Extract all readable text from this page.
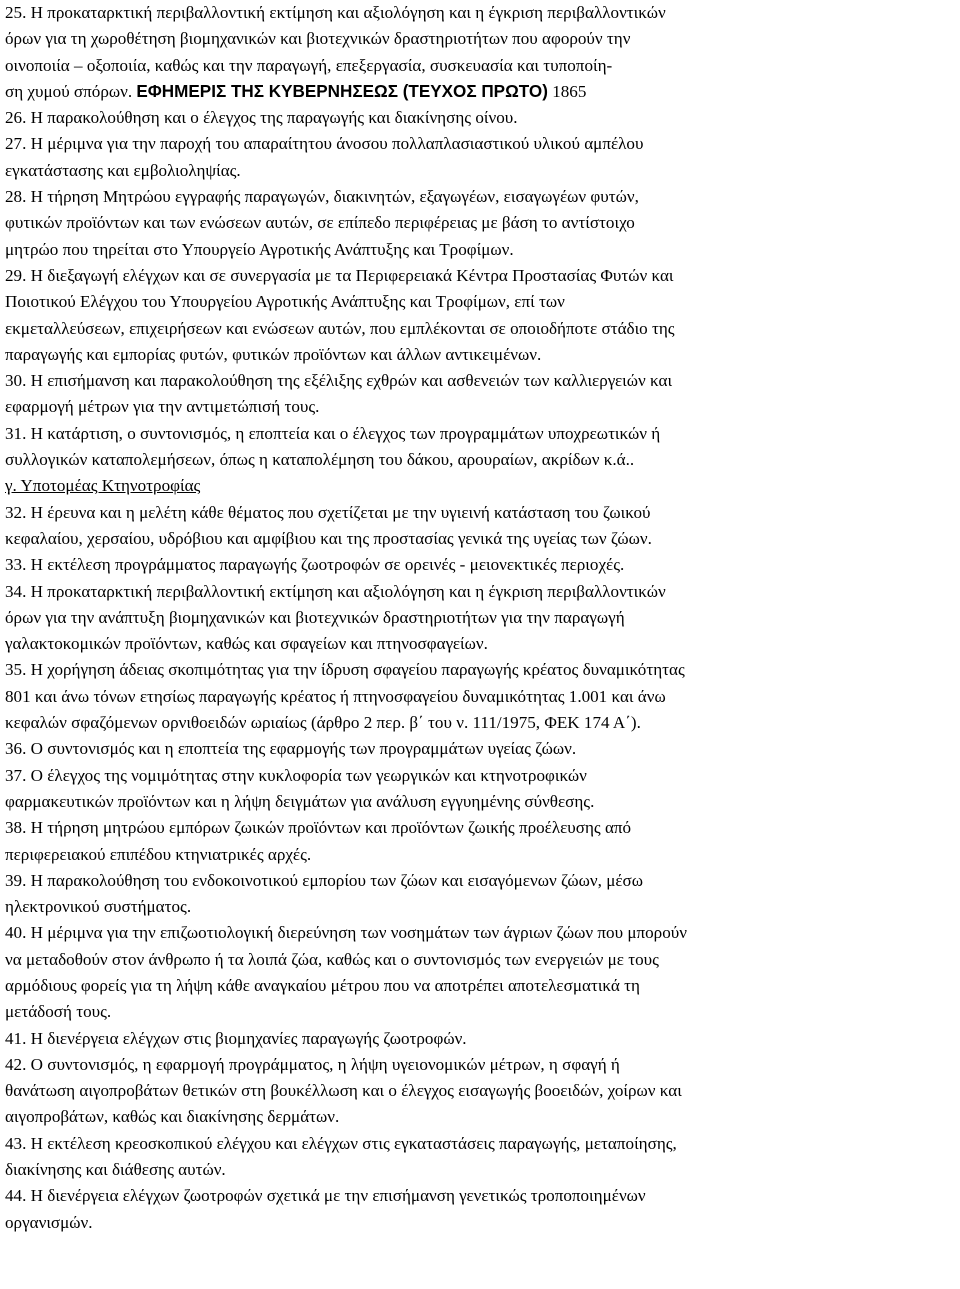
25. Η προκαταρκτική περιβαλλοντική εκτίμηση και αξιολόγηση και η έγκριση περιβαλλοντικών
όρων για τη χωροθέτηση βιομηχανικών και βιοτεχνικών δραστηριοτήτων που αφορούν την
οινοποιία – οξοποιία, καθώς και την παραγωγή, επεξεργασία, συσκευασία και τυποποίη-
ση χυμού σπόρων. ΕΦΗΜΕΡΙΣ ΤΗΣ ΚΥΒΕΡΝΗΣΕΩΣ (ΤΕΥΧΟΣ ΠΡΩΤΟ) 1865
26. Η παρακολούθηση και ο έλεγχος της παραγωγής και διακίνησης οίνου.
27. Η μέριμνα για την παροχή του απαραίτητου άνοσου πολλαπλασιαστικού υλικού αμπέλου
εγκατάστασης και εμβολιοληψίας.
28. Η τήρηση Μητρώου εγγραφής παραγωγών, διακινητών, εξαγωγέων, εισαγωγέων φυτών,
φυτικών προϊόντων και των ενώσεων αυτών, σε επίπεδο περιφέρειας με βάση το αντίστοιχο
μητρώο που τηρείται στο Υπουργείο Αγροτικής Ανάπτυξης και Τροφίμων.
29. Η διεξαγωγή ελέγχων και σε συνεργασία με τα Περιφερειακά Κέντρα Προστασίας Φυτών και
Ποιοτικού Ελέγχου του Υπουργείου Αγροτικής Ανάπτυξης και Τροφίμων, επί των
εκμεταλλεύσεων, επιχειρήσεων και ενώσεων αυτών, που εμπλέκονται σε οποιοδήποτε στάδιο της
παραγωγής και εμπορίας φυτών, φυτικών προϊόντων και άλλων αντικειμένων.
30. Η επισήμανση και παρακολούθηση της εξέλιξης εχθρών και ασθενειών των καλλιεργειών και
εφαρμογή μέτρων για την αντιμετώπισή τους.
31. Η κατάρτιση, ο συντονισμός, η εποπτεία και ο έλεγχος των προγραμμάτων υποχρεωτικών ή
συλλογικών καταπολεμήσεων, όπως η καταπολέμηση του δάκου, αρουραίων, ακρίδων κ.ά..
γ. Υποτομέας Κτηνοτροφίας
32. Η έρευνα και η μελέτη κάθε θέματος που σχετίζεται με την υγιεινή κατάσταση του ζωικού
κεφαλαίου, χερσαίου, υδρόβιου και αμφίβιου και της προστασίας γενικά της υγείας των ζώων.
33. Η εκτέλεση προγράμματος παραγωγής ζωοτροφών σε ορεινές - μειονεκτικές περιοχές.
34. Η προκαταρκτική περιβαλλοντική εκτίμηση και αξιολόγηση και η έγκριση περιβαλλοντικών
όρων για την ανάπτυξη βιομηχανικών και βιοτεχνικών δραστηριοτήτων για την παραγωγή
γαλακτοκομικών προϊόντων, καθώς και σφαγείων και πτηνοσφαγείων.
35. Η χορήγηση άδειας σκοπιμότητας για την ίδρυση σφαγείου παραγωγής κρέατος δυναμικότητας
801 και άνω τόνων ετησίως παραγωγής κρέατος ή πτηνοσφαγείου δυναμικότητας 1.001 και άνω
κεφαλών σφαζόμενων ορνιθοειδών ωριαίως (άρθρο 2 περ. β΄ του ν. 111/1975, ΦΕΚ 174 Α΄).
36. Ο συντονισμός και η εποπτεία της εφαρμογής των προγραμμάτων υγείας ζώων.
37. Ο έλεγχος της νομιμότητας στην κυκλοφορία των γεωργικών και κτηνοτροφικών
φαρμακευτικών προϊόντων και η λήψη δειγμάτων για ανάλυση εγγυημένης σύνθεσης.
38. Η τήρηση μητρώου εμπόρων ζωικών προϊόντων και προϊόντων ζωικής προέλευσης από
περιφερειακού επιπέδου κτηνιατρικές αρχές.
39. Η παρακολούθηση του ενδοκοινοτικού εμπορίου των ζώων και εισαγόμενων ζώων, μέσω
ηλεκτρονικού συστήματος.
40. Η μέριμνα για την επιζωοτιολογική διερεύνηση των νοσημάτων των άγριων ζώων που μπορούν
να μεταδοθούν στον άνθρωπο ή τα λοιπά ζώα, καθώς και ο συντονισμός των ενεργειών με τους
αρμόδιους φορείς για τη λήψη κάθε αναγκαίου μέτρου που να αποτρέπει αποτελεσματικά τη
μετάδοσή τους.
41. Η διενέργεια ελέγχων στις βιομηχανίες παραγωγής ζωοτροφών.
42. Ο συντονισμός, η εφαρμογή προγράμματος, η λήψη υγειονομικών μέτρων, η σφαγή ή
θανάτωση αιγοπροβάτων θετικών στη βουκέλλωση και ο έλεγχος εισαγωγής βοοειδών, χοίρων και
αιγοπροβάτων, καθώς και διακίνησης δερμάτων.
43. Η εκτέλεση κρεοσκοπικού ελέγχου και ελέγχων στις εγκαταστάσεις παραγωγής, μεταποίησης,
διακίνησης και διάθεσης αυτών.
44. Η διενέργεια ελέγχων ζωοτροφών σχετικά με την επισήμανση γενετικώς τροποποιημένων
οργανισμών.
